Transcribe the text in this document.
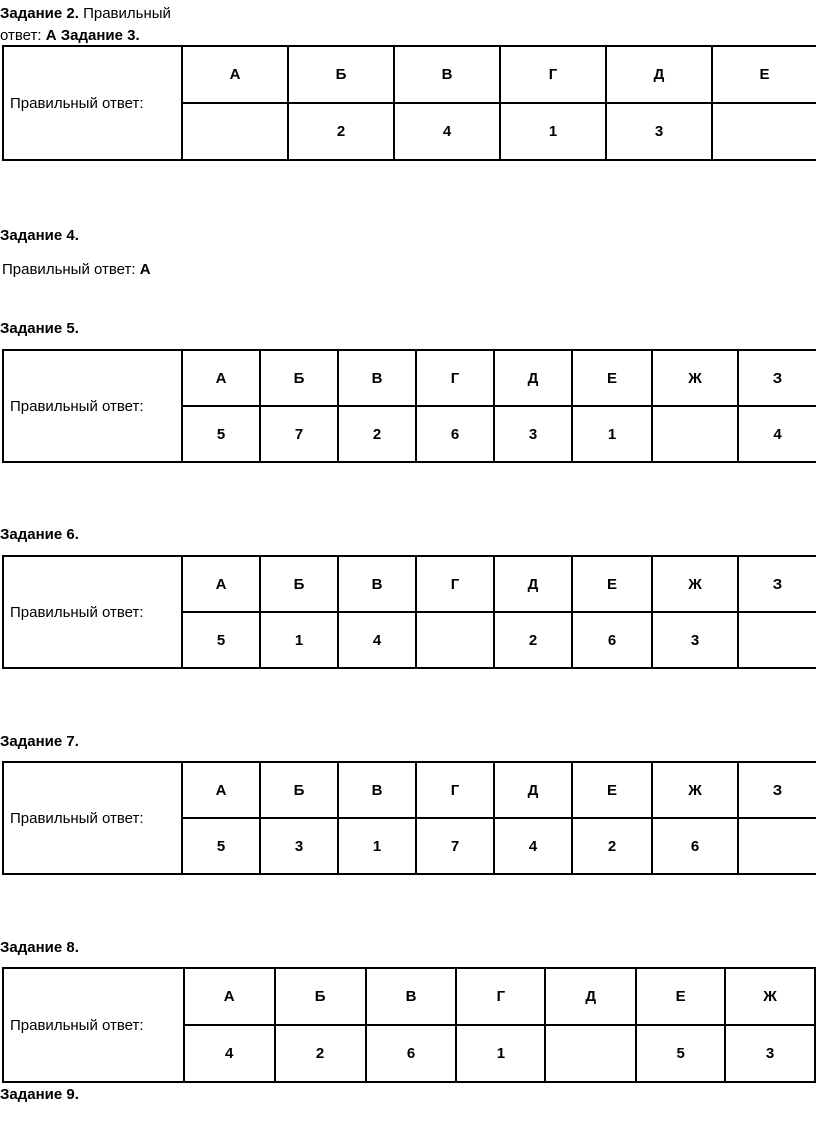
Задание 2. Правильный
ответ: А Задание 3.
Правильный ответ:	А	Б	В	Г	Д	Е
		2	4	1	3	
Задание 4.
Правильный ответ: А
Задание 5.
Правильный ответ:	А	Б	В	Г	Д	Е	Ж	З
	5	7	2	6	3	1		4
Задание 6.
Правильный ответ:	А	Б	В	Г	Д	Е	Ж	З
	5	1	4		2	6	3	
Задание 7.
Правильный ответ:	А	Б	В	Г	Д	Е	Ж	З
	5	3	1	7	4	2	6	
Задание 8.
Правильный ответ:	А	Б	В	Г	Д	Е	Ж
	4	2	6	1		5	3
Задание 9.
